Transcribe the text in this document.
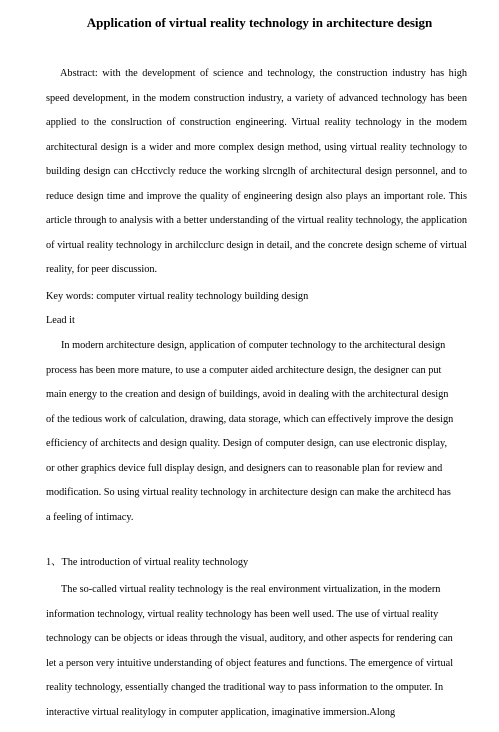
Application of virtual reality technology in architecture design

Abstract: with the development of science and technology, the construction industry has high speed development, in the modem construction industry, a variety of advanced technology has been applied to the conslruction of construction engineering. Virtual reality technology in the modem architectural design is a wider and more complex design method, using virtual reality technology to building design can cHcctivcly reduce the working slrcnglh of architectural design personnel, and to reduce design time and improve the quality of engineering design also plays an important role. This article through to analysis with a better understanding of the virtual reality technology, the application of virtual reality technology in archilcclurc design in detail, and the concrete design scheme of virtual reality, for peer discussion.

Key words: computer virtual reality technology building design

Lead it

In modern architecture design, application of computer technology to the architectural design process has been more mature, to use a computer aided architecture design, the designer can put main energy to the creation and design of buildings, avoid in dealing with the architectural design of the tedious work of calculation, drawing, data storage, which can effectively improve the design efficiency of architects and design quality. Design of computer design, can use electronic display, or other graphics device full display design, and designers can to reasonable plan for review and modification. So using virtual reality technology in architecture design can make the architecd has a feeling of intimacy.

1、The introduction of virtual reality technology

The so-called virtual reality technology is the real environment virtualization, in the modern information technology, virtual reality technology has been well used. The use of virtual reality technology can be objects or ideas through the visual, auditory, and other aspects for rendering can let a person very intuitive understanding of object features and functions. The emergence of virtual reality technology, essentially changed the traditional way to pass information to the omputer. In interactive virtual realitylogy in computer application, imaginative immersion.Along
